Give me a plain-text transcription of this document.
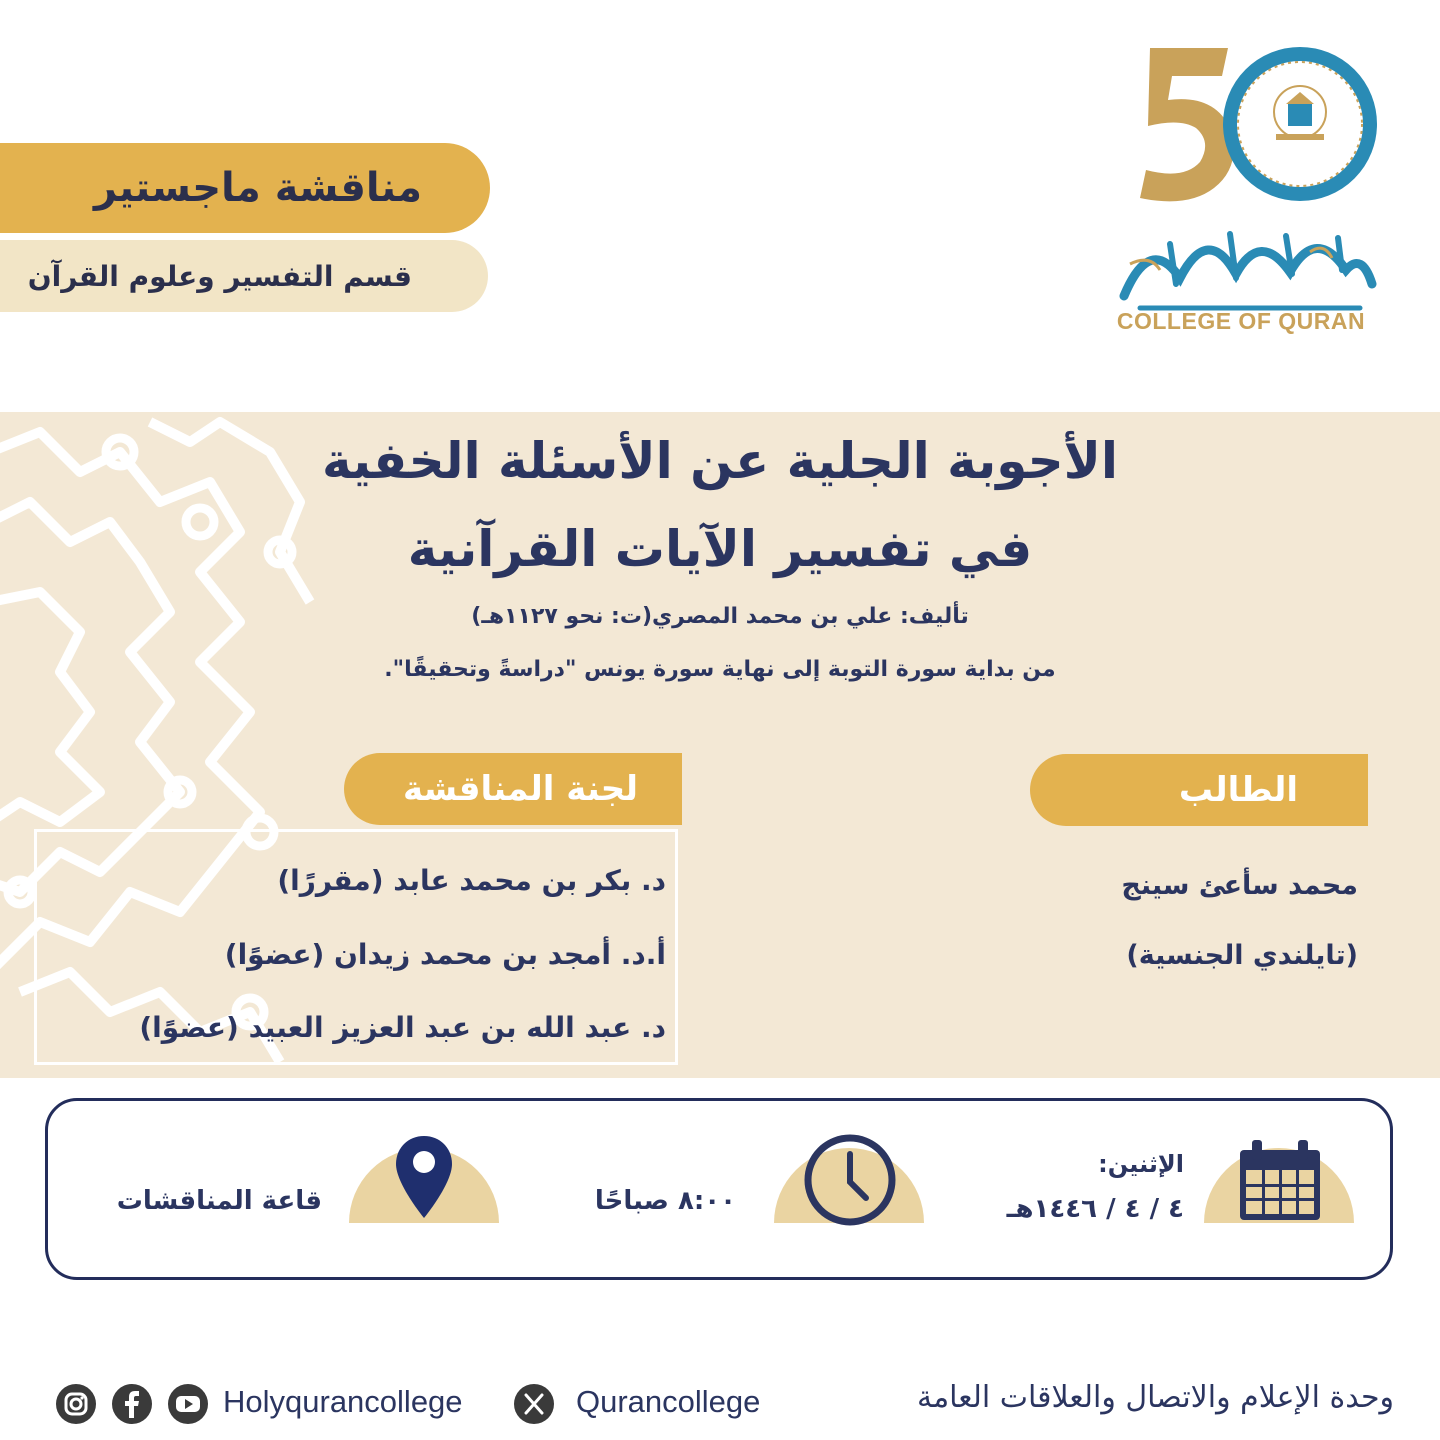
مناقشة ماجستير
قسم التفسير وعلوم القرآن
COLLEGE OF QURAN
الأجوبة الجلية عن الأسئلة الخفية
في تفسير الآيات القرآنية
تأليف: علي بن محمد المصري(ت: نحو ١١٢٧هـ)
من بداية سورة التوبة إلى نهاية سورة يونس "دراسةً وتحقيقًا".
لجنة المناقشة	الطالب
د. بكر بن محمد عابد (مقررًا)
أ.د. أمجد بن محمد زيدان (عضوًا)
د. عبد الله بن عبد العزيز العبيد (عضوًا)
محمد سأعئ سينج
(تايلندي الجنسية)
الإثنين:
٤ / ٤ / ١٤٤٦هـ
٨:٠٠ صباحًا
قاعة المناقشات
وحدة الإعلام والاتصال والعلاقات العامة
Holyqurancollege	Qurancollege
